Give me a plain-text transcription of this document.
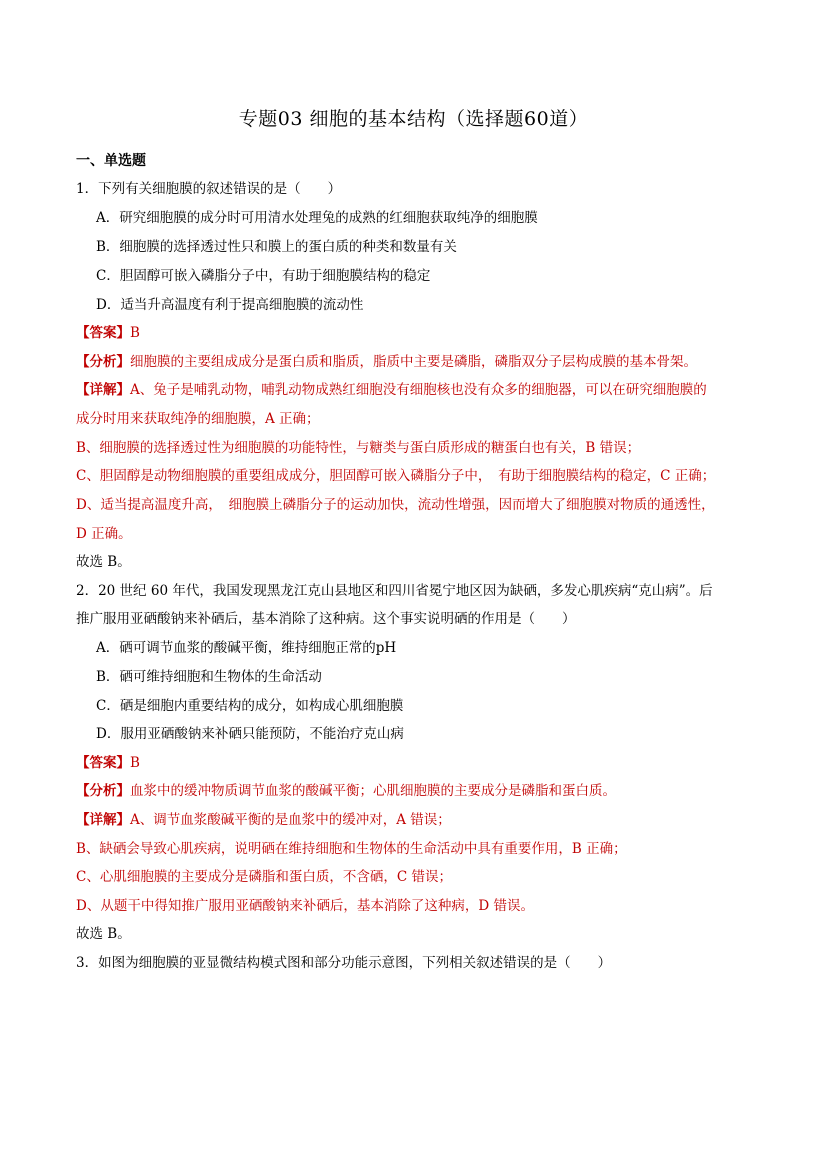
专题03 细胞的基本结构（选择题60道）
一、单选题
1．下列有关细胞膜的叙述错误的是（　　）
A．研究细胞膜的成分时可用清水处理兔的成熟的红细胞获取纯净的细胞膜
B．细胞膜的选择透过性只和膜上的蛋白质的种类和数量有关
C．胆固醇可嵌入磷脂分子中，有助于细胞膜结构的稳定
D．适当升高温度有利于提高细胞膜的流动性
【答案】B
【分析】细胞膜的主要组成成分是蛋白质和脂质，脂质中主要是磷脂，磷脂双分子层构成膜的基本骨架。
【详解】A、兔子是哺乳动物，哺乳动物成熟红细胞没有细胞核也没有众多的细胞器，可以在研究细胞膜的
成分时用来获取纯净的细胞膜，A 正确；
B、细胞膜的选择透过性为细胞膜的功能特性，与糖类与蛋白质形成的糖蛋白也有关，B 错误；
C、胆固醇是动物细胞膜的重要组成成分，胆固醇可嵌入磷脂分子中，　有助于细胞膜结构的稳定，C 正确；
D、适当提高温度升高，　细胞膜上磷脂分子的运动加快，流动性增强，因而增大了细胞膜对物质的通透性，
D 正确。
故选 B。
2．20 世纪 60 年代，我国发现黑龙江克山县地区和四川省冕宁地区因为缺硒，多发心肌疾病“克山病”。后
推广服用亚硒酸钠来补硒后，基本消除了这种病。这个事实说明硒的作用是（　　）
A．硒可调节血浆的酸碱平衡，维持细胞正常的pH
B．硒可维持细胞和生物体的生命活动
C．硒是细胞内重要结构的成分，如构成心肌细胞膜
D．服用亚硒酸钠来补硒只能预防，不能治疗克山病
【答案】B
【分析】血浆中的缓冲物质调节血浆的酸碱平衡；心肌细胞膜的主要成分是磷脂和蛋白质。
【详解】A、调节血浆酸碱平衡的是血浆中的缓冲对，A 错误；
B、缺硒会导致心肌疾病，说明硒在维持细胞和生物体的生命活动中具有重要作用，B 正确；
C、心肌细胞膜的主要成分是磷脂和蛋白质，不含硒，C 错误；
D、从题干中得知推广服用亚硒酸钠来补硒后，基本消除了这种病，D 错误。
故选 B。
3．如图为细胞膜的亚显微结构模式图和部分功能示意图，下列相关叙述错误的是（　　）
